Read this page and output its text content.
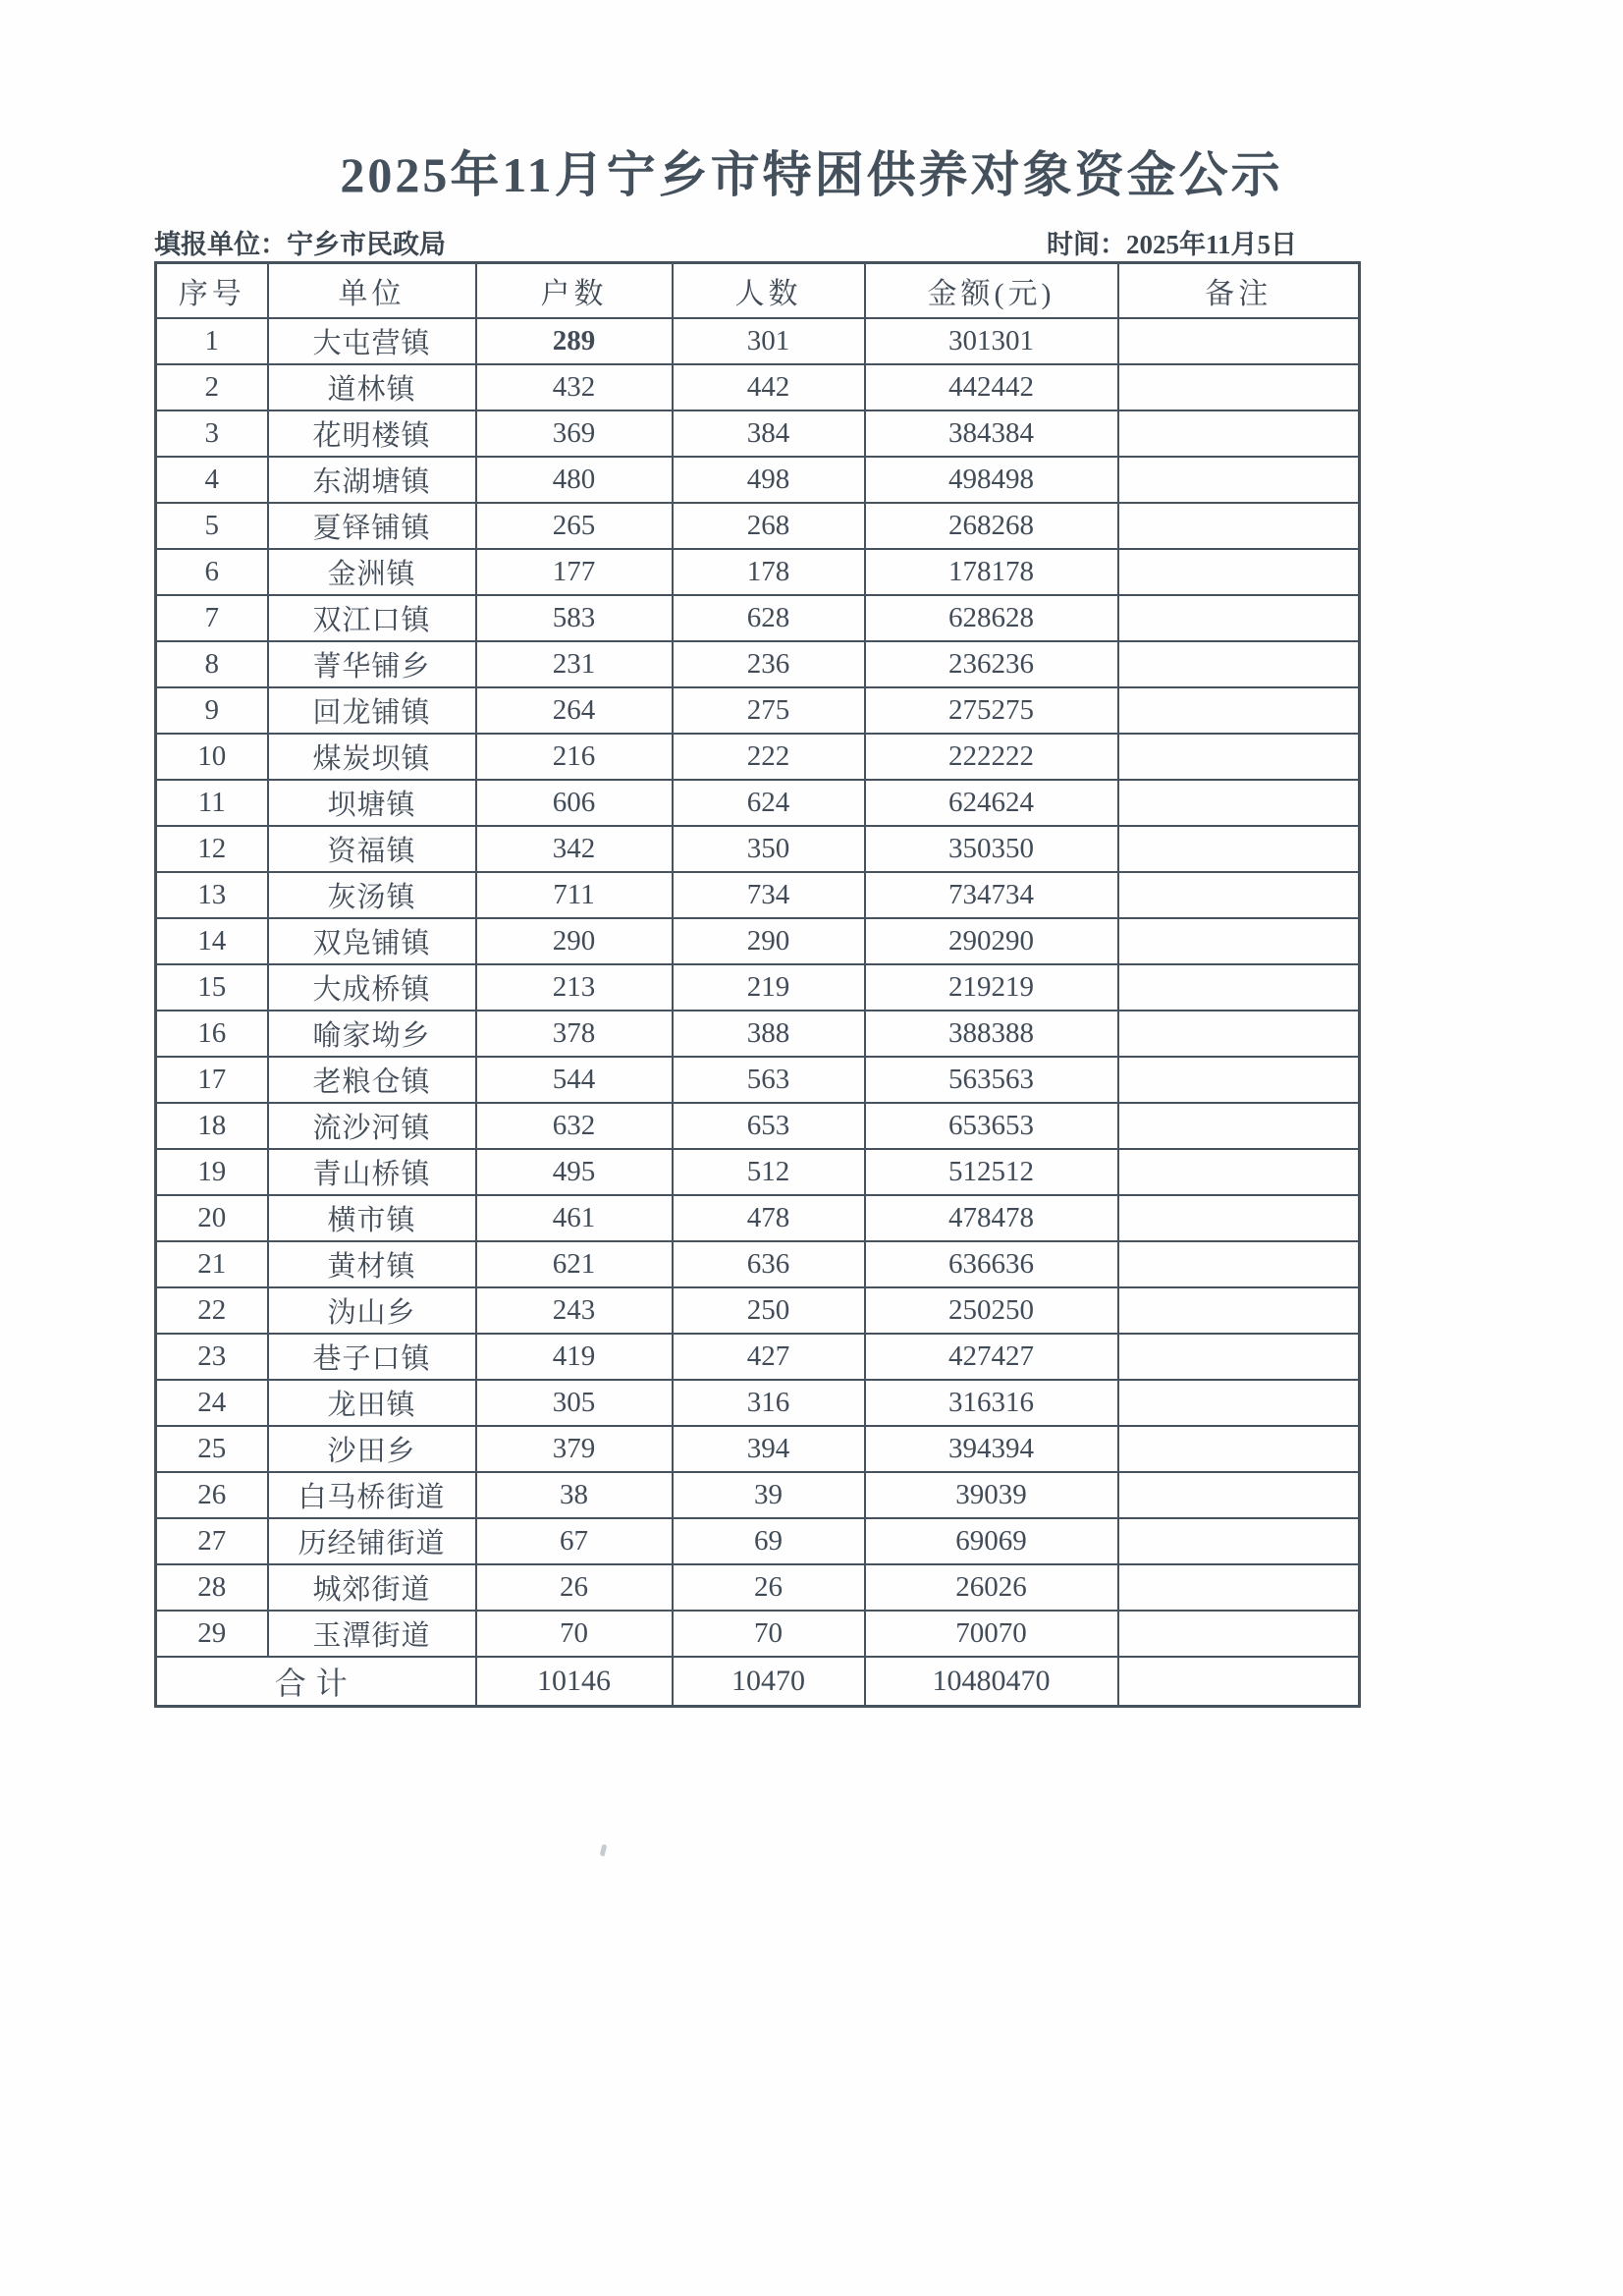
2025年11月宁乡市特困供养对象资金公示
填报单位：宁乡市民政局	时间：2025年11月5日
序号	单位	户数	人数	金额(元)	备注
1	大屯营镇	289	301	301301	
2	道林镇	432	442	442442	
3	花明楼镇	369	384	384384	
4	东湖塘镇	480	498	498498	
5	夏铎铺镇	265	268	268268	
6	金洲镇	177	178	178178	
7	双江口镇	583	628	628628	
8	菁华铺乡	231	236	236236	
9	回龙铺镇	264	275	275275	
10	煤炭坝镇	216	222	222222	
11	坝塘镇	606	624	624624	
12	资福镇	342	350	350350	
13	灰汤镇	711	734	734734	
14	双凫铺镇	290	290	290290	
15	大成桥镇	213	219	219219	
16	喻家坳乡	378	388	388388	
17	老粮仓镇	544	563	563563	
18	流沙河镇	632	653	653653	
19	青山桥镇	495	512	512512	
20	横市镇	461	478	478478	
21	黄材镇	621	636	636636	
22	沩山乡	243	250	250250	
23	巷子口镇	419	427	427427	
24	龙田镇	305	316	316316	
25	沙田乡	379	394	394394	
26	白马桥街道	38	39	39039	
27	历经铺街道	67	69	69069	
28	城郊街道	26	26	26026	
29	玉潭街道	70	70	70070	
合计		10146	10470	10480470	
